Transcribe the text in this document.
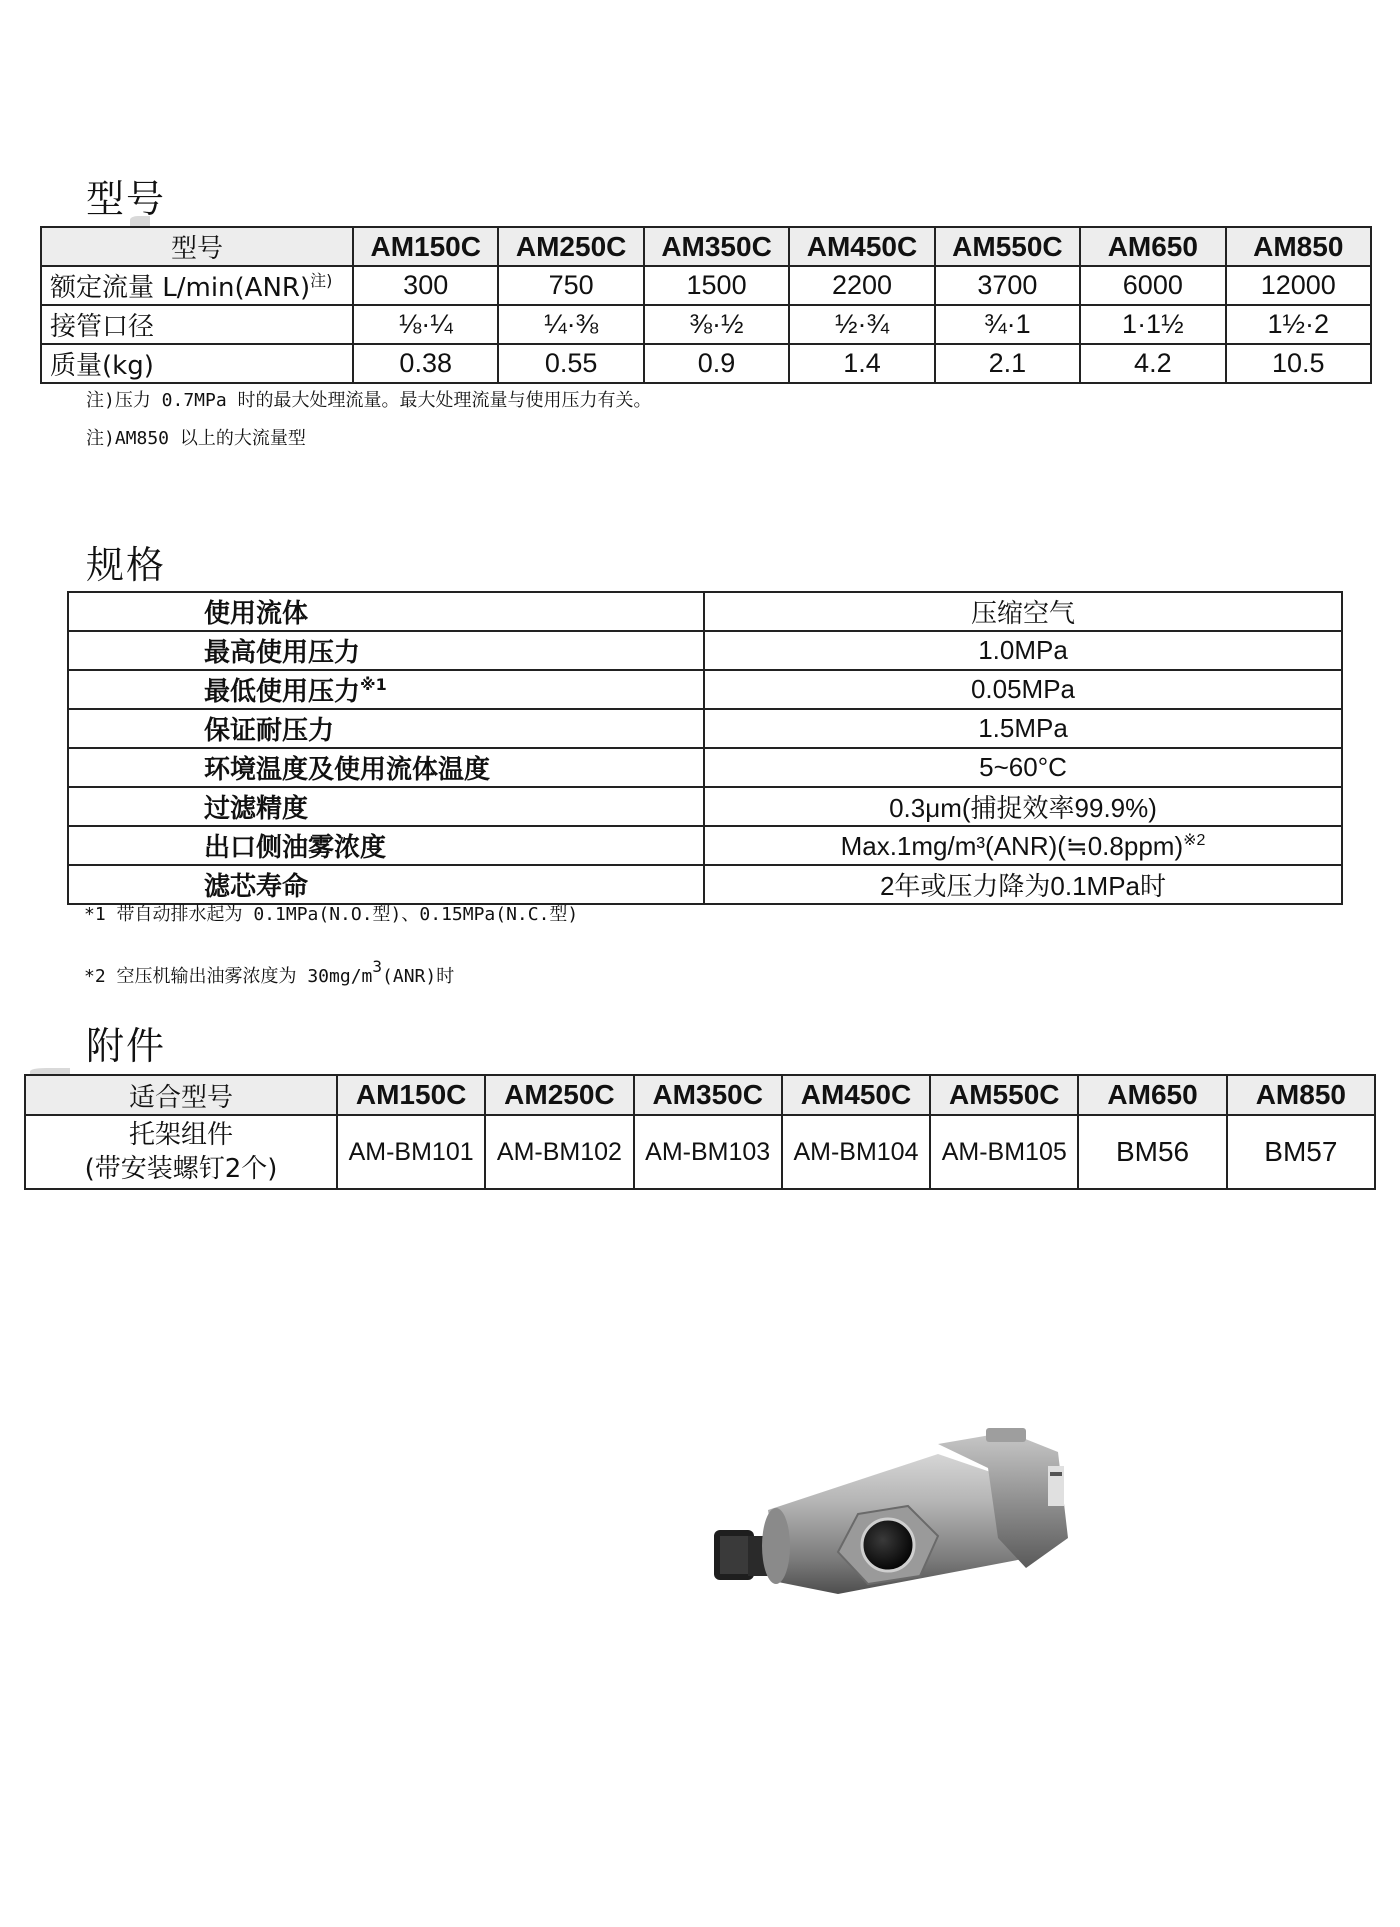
型号
型号	AM150C	AM250C	AM350C	AM450C	AM550C	AM650	AM850
额定流量 L/min(ANR)$^{注)}$	300	750	1500	2200	3700	6000	12000
接管口径	⅛·¼	¼·⅜	⅜·½	½·¾	¾·1	1·1½	1½·2
质量(kg)	0.38	0.55	0.9	1.4	2.1	4.2	10.5
注)压力 0.7MPa 时的最大处理流量。最大处理流量与使用压力有关。
注)AM850 以上的大流量型
规格
使用流体	压缩空气
最高使用压力	1.0MPa
最低使用压力$^{※1}$	0.05MPa
保证耐压力	1.5MPa
环境温度及使用流体温度	5~60°C
过滤精度	0.3μm(捕捉效率99.9%)
出口侧油雾浓度	Max.1mg/m³(ANR)(≒0.8ppm)$^{※2}$
滤芯寿命	2年或压力降为0.1MPa时
*1 带自动排水起为 0.1MPa(N.O.型)、0.15MPa(N.C.型)
*2 空压机输出油雾浓度为 $30mg/m^3(ANR)$时
附件
适合型号	AM150C	AM250C	AM350C	AM450C	AM550C	AM650	AM850

托架组件
(带安装螺钉2个)	AM-BM101	AM-BM102	AM-BM103	AM-BM104	AM-BM105	BM56	BM57
